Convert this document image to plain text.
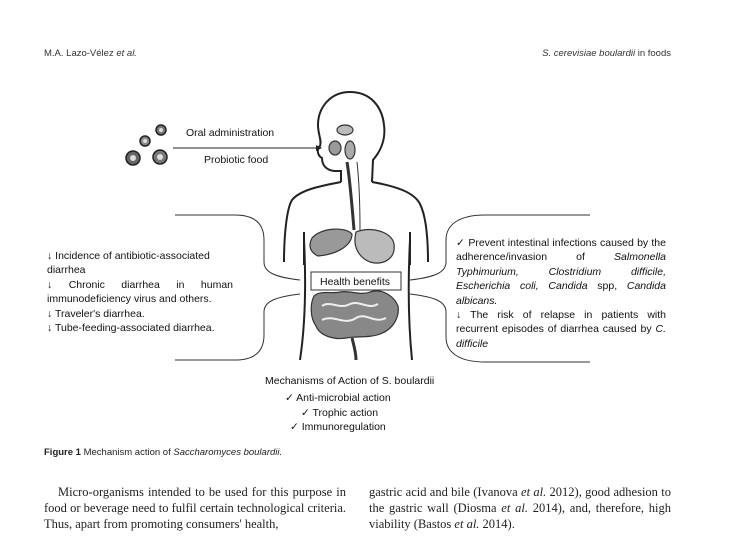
M.A. Lazo-Vélez et al.	S. cerevisiae boulardii in foods
Oral administration
Probiotic food
Health benefits

↓ Incidence of antibiotic-associated diarrhea

↓ Chronic diarrhea in human immunodeficiency virus and others.

↓ Traveler's diarrhea.

↓ Tube-feeding-associated diarrhea.

✓ Prevent intestinal infections caused by the adherence/invasion of Salmonella Typhimurium, Clostridium difficile, Escherichia coli, Candida spp, Candida albicans.

↓ The risk of relapse in patients with recurrent episodes of diarrhea caused by C. difficile

Mechanisms of Action of S. boulardii
✓ Anti-microbial action
✓ Trophic action
✓ Immunoregulation
Figure 1 Mechanism action of Saccharomyces boulardii.

Micro-organisms intended to be used for this purpose in food or beverage need to fulfil certain technological criteria. Thus, apart from promoting consumers' health,

gastric acid and bile (Ivanova et al. 2012), good adhesion to the gastric wall (Diosma et al. 2014), and, therefore, high viability (Bastos et al. 2014).
